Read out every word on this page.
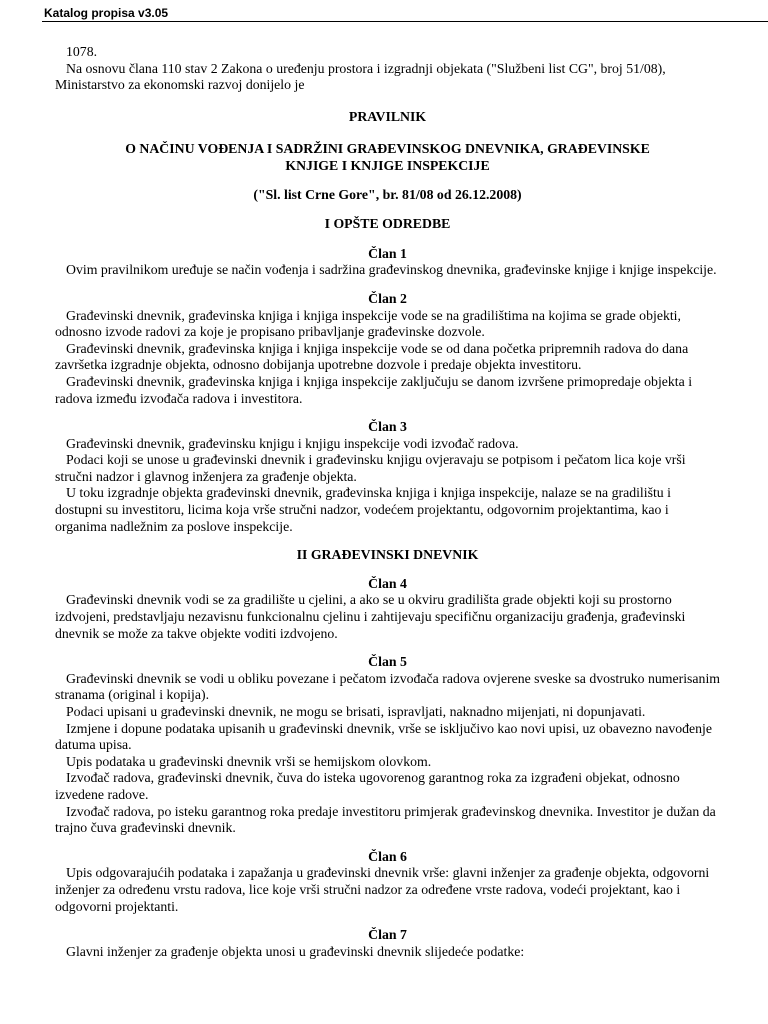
Katalog propisa v3.05

1078.

Na osnovu člana 110 stav 2 Zakona o uređenju prostora i izgradnji objekata ("Službeni list CG", broj 51/08), Ministarstvo za ekonomski razvoj donijelo je

PRAVILNIK

O NAČINU VOĐENJA I SADRŽINI GRAĐEVINSKOG DNEVNIKA, GRAĐEVINSKE KNJIGE I KNJIGE INSPEKCIJE

("Sl. list Crne Gore", br. 81/08 od 26.12.2008)

I OPŠTE ODREDBE

Član 1

Ovim pravilnikom uređuje se način vođenja i sadržina građevinskog dnevnika, građevinske knjige i knjige inspekcije.

Član 2

Građevinski dnevnik, građevinska knjiga i knjiga inspekcije vode se na gradilištima na kojima se grade objekti, odnosno izvode radovi za koje je propisano pribavljanje građevinske dozvole.

Građevinski dnevnik, građevinska knjiga i knjiga inspekcije vode se od dana početka pripremnih radova do dana završetka izgradnje objekta, odnosno dobijanja upotrebne dozvole i predaje objekta investitoru.

Građevinski dnevnik, građevinska knjiga i knjiga inspekcije zaključuju se danom izvršene primopredaje objekta i radova između izvođača radova i investitora.

Član 3

Građevinski dnevnik, građevinsku knjigu i knjigu inspekcije vodi izvođač radova.

Podaci koji se unose u građevinski dnevnik i građevinsku knjigu ovjeravaju se potpisom i pečatom lica koje vrši stručni nadzor i glavnog inženjera za građenje objekta.

U toku izgradnje objekta građevinski dnevnik, građevinska knjiga i knjiga inspekcije, nalaze se na gradilištu i dostupni su investitoru, licima koja vrše stručni nadzor, vodećem projektantu, odgovornim projektantima, kao i organima nadležnim za poslove inspekcije.

II GRAĐEVINSKI DNEVNIK

Član 4

Građevinski dnevnik vodi se za gradilište u cjelini, a ako se u okviru gradilišta grade objekti koji su prostorno izdvojeni, predstavljaju nezavisnu funkcionalnu cjelinu i zahtijevaju specifičnu organizaciju građenja, građevinski dnevnik se može za takve objekte voditi izdvojeno.

Član 5

Građevinski dnevnik se vodi u obliku povezane i pečatom izvođača radova ovjerene sveske sa dvostruko numerisanim stranama (original i kopija).

Podaci upisani u građevinski dnevnik, ne mogu se brisati, ispravljati, naknadno mijenjati, ni dopunjavati.

Izmjene i dopune podataka upisanih u građevinski dnevnik, vrše se isključivo kao novi upisi, uz obavezno navođenje datuma upisa.

Upis podataka u građevinski dnevnik vrši se hemijskom olovkom.

Izvođač radova, građevinski dnevnik, čuva do isteka ugovorenog garantnog roka za izgrađeni objekat, odnosno izvedene radove.

Izvođač radova, po isteku garantnog roka predaje investitoru primjerak građevinskog dnevnika. Investitor je dužan da trajno čuva građevinski dnevnik.

Član 6

Upis odgovarajućih podataka i zapažanja u građevinski dnevnik vrše: glavni inženjer za građenje objekta, odgovorni inženjer za određenu vrstu radova, lice koje vrši stručni nadzor za određene vrste radova, vodeći projektant, kao i odgovorni projektanti.

Član 7

Glavni inženjer za građenje objekta unosi u građevinski dnevnik slijedeće podatke:
